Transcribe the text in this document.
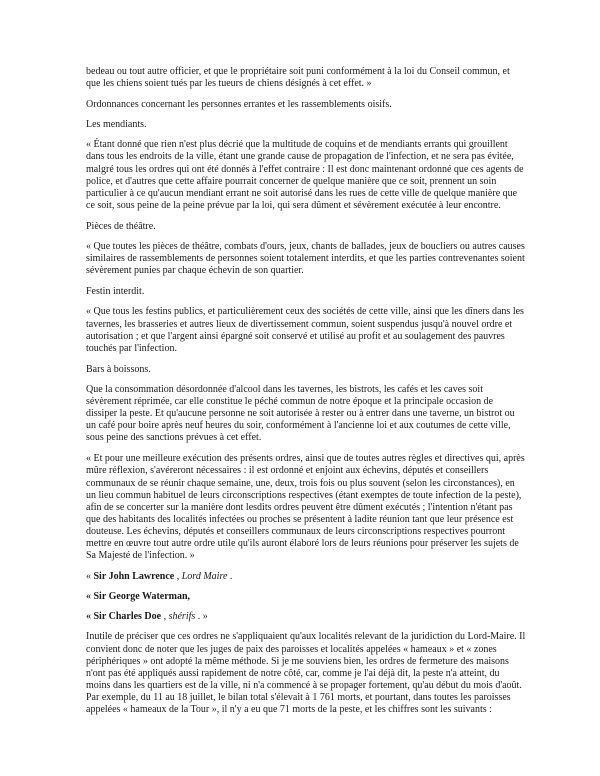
bedeau ou tout autre officier, et que le propriétaire soit puni conformément à la loi du Conseil commun, et que les chiens soient tués par les tueurs de chiens désignés à cet effet. »

Ordonnances concernant les personnes errantes et les rassemblements oisifs.

Les mendiants.

« Étant donné que rien n'est plus décrié que la multitude de coquins et de mendiants errants qui grouillent dans tous les endroits de la ville, étant une grande cause de propagation de l'infection, et ne sera pas évitée, malgré tous les ordres qui ont été donnés à l'effet contraire : Il est donc maintenant ordonné que ces agents de police, et d'autres que cette affaire pourrait concerner de quelque manière que ce soit, prennent un soin particulier à ce qu'aucun mendiant errant ne soit autorisé dans les rues de cette ville de quelque manière que ce soit, sous peine de la peine prévue par la loi, qui sera dûment et sévèrement exécutée à leur encontre.

Pièces de théâtre.

« Que toutes les pièces de théâtre, combats d'ours, jeux, chants de ballades, jeux de boucliers ou autres causes similaires de rassemblements de personnes soient totalement interdits, et que les parties contrevenantes soient sévèrement punies par chaque échevin de son quartier.

Festin interdit.

« Que tous les festins publics, et particulièrement ceux des sociétés de cette ville, ainsi que les dîners dans les tavernes, les brasseries et autres lieux de divertissement commun, soient suspendus jusqu'à nouvel ordre et autorisation ; et que l'argent ainsi épargné soit conservé et utilisé au profit et au soulagement des pauvres touchés par l'infection.

Bars à boissons.

Que la consommation désordonnée d'alcool dans les tavernes, les bistrots, les cafés et les caves soit sévèrement réprimée, car elle constitue le péché commun de notre époque et la principale occasion de dissiper la peste. Et qu'aucune personne ne soit autorisée à rester ou à entrer dans une taverne, un bistrot ou un café pour boire après neuf heures du soir, conformément à l'ancienne loi et aux coutumes de cette ville, sous peine des sanctions prévues à cet effet.

« Et pour une meilleure exécution des présents ordres, ainsi que de toutes autres règles et directives qui, après mûre réflexion, s'avéreront nécessaires : il est ordonné et enjoint aux échevins, députés et conseillers communaux de se réunir chaque semaine, une, deux, trois fois ou plus souvent (selon les circonstances), en un lieu commun habituel de leurs circonscriptions respectives (étant exemptes de toute infection de la peste), afin de se concerter sur la manière dont lesdits ordres peuvent être dûment exécutés ; l'intention n'étant pas que des habitants des localités infectées ou proches se présentent à ladite réunion tant que leur présence est douteuse. Les échevins, députés et conseillers communaux de leurs circonscriptions respectives pourront mettre en œuvre tout autre ordre utile qu'ils auront élaboré lors de leurs réunions pour préserver les sujets de Sa Majesté de l'infection. »

« Sir John Lawrence , Lord Maire .

« Sir George Waterman,

« Sir Charles Doe , shérifs . »

Inutile de préciser que ces ordres ne s'appliquaient qu'aux localités relevant de la juridiction du Lord-Maire. Il convient donc de noter que les juges de paix des paroisses et localités appelées « hameaux » et « zones périphériques » ont adopté la même méthode. Si je me souviens bien, les ordres de fermeture des maisons n'ont pas été appliqués aussi rapidement de notre côté, car, comme je l'ai déjà dit, la peste n'a atteint, du moins dans les quartiers est de la ville, ni n'a commencé à se propager fortement, qu'au début du mois d'août. Par exemple, du 11 au 18 juillet, le bilan total s'élevait à 1 761 morts, et pourtant, dans toutes les paroisses appelées « hameaux de la Tour », il n'y a eu que 71 morts de la peste, et les chiffres sont les suivants :
